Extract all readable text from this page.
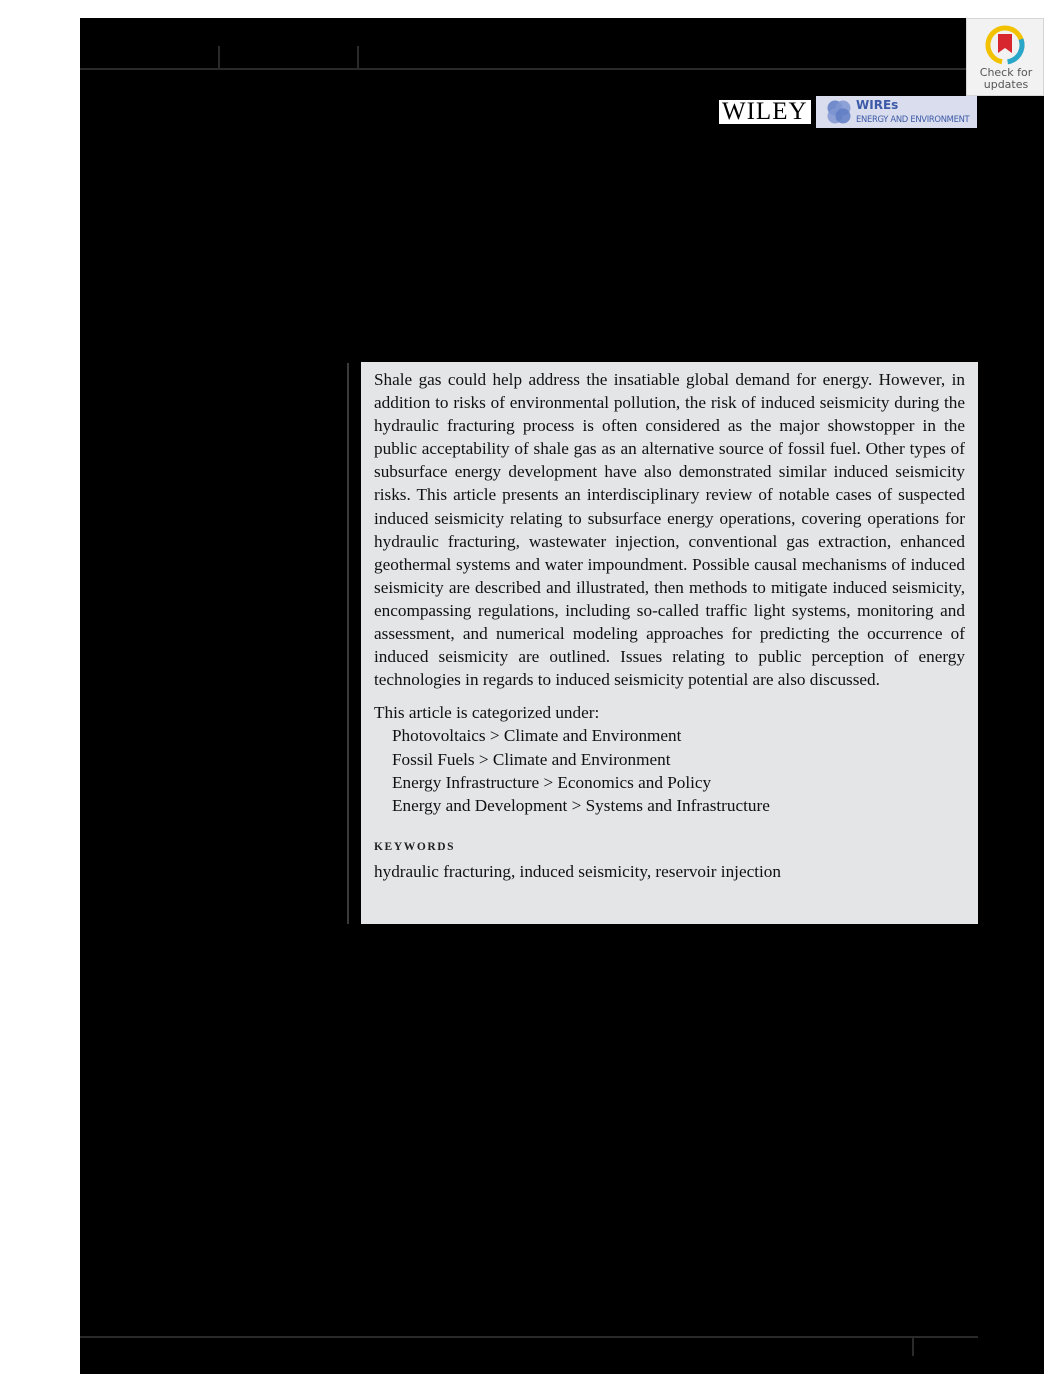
Check for
updates
WILEY	WIREs
ENERGY AND ENVIRONMENT

Shale gas could help address the insatiable global demand for energy. However, in addition to risks of environmental pollution, the risk of induced seismicity during the hydraulic fracturing process is often considered as the major showstopper in the public acceptability of shale gas as an alternative source of fossil fuel. Other types of subsurface energy development have also demonstrated similar induced seismicity risks. This article presents an interdisciplinary review of notable cases of suspected induced seismicity relating to subsurface energy operations, covering operations for hydraulic fracturing, wastewater injection, conventional gas extraction, enhanced geothermal systems and water impoundment. Possible causal mechanisms of induced seismicity are described and illustrated, then methods to mitigate induced seismicity, encompassing regulations, including so-called traffic light systems, monitoring and assessment, and numerical modeling approaches for predicting the occurrence of induced seismicity are outlined. Issues relating to public perception of energy technologies in regards to induced seismicity potential are also discussed.

This article is categorized under:

Photovoltaics > Climate and Environment
Fossil Fuels > Climate and Environment
Energy Infrastructure > Economics and Policy
Energy and Development > Systems and Infrastructure

KEYWORDS

hydraulic fracturing, induced seismicity, reservoir injection
